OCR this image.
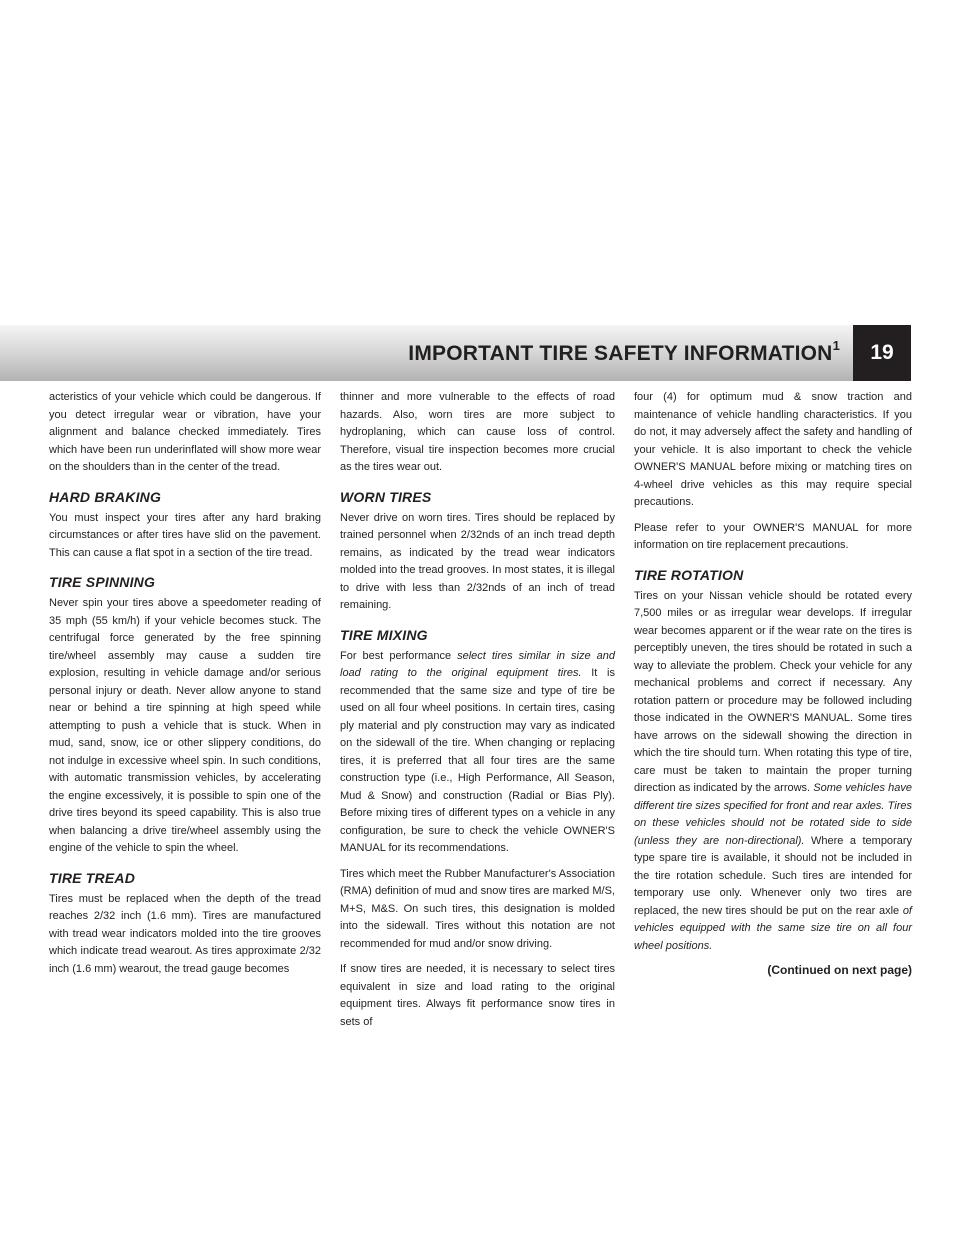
IMPORTANT TIRE SAFETY INFORMATION$^1$	19

acteristics of your vehicle which could be dangerous. If you detect irregular wear or vibration, have your alignment and balance checked immediately. Tires which have been run underinflated will show more wear on the shoulders than in the center of the tread.

HARD BRAKING

You must inspect your tires after any hard braking circumstances or after tires have slid on the pavement. This can cause a flat spot in a section of the tire tread.

TIRE SPINNING

Never spin your tires above a speedometer reading of 35 mph (55 km/h) if your vehicle becomes stuck. The centrifugal force generated by the free spinning tire/wheel assembly may cause a sudden tire explosion, resulting in vehicle damage and/or serious personal injury or death. Never allow anyone to stand near or behind a tire spinning at high speed while attempting to push a vehicle that is stuck. When in mud, sand, snow, ice or other slippery conditions, do not indulge in excessive wheel spin. In such conditions, with automatic transmission vehicles, by accelerating the engine excessively, it is possible to spin one of the drive tires beyond its speed capability. This is also true when balancing a drive tire/wheel assembly using the engine of the vehicle to spin the wheel.

TIRE TREAD

Tires must be replaced when the depth of the tread reaches 2/32 inch (1.6 mm). Tires are manufactured with tread wear indicators molded into the tire grooves which indicate tread wearout. As tires approximate 2/32 inch (1.6 mm) wearout, the tread gauge becomes

thinner and more vulnerable to the effects of road hazards. Also, worn tires are more subject to hydroplaning, which can cause loss of control. Therefore, visual tire inspection becomes more crucial as the tires wear out.

WORN TIRES

Never drive on worn tires. Tires should be replaced by trained personnel when 2/32nds of an inch tread depth remains, as indicated by the tread wear indicators molded into the tread grooves. In most states, it is illegal to drive with less than 2/32nds of an inch of tread remaining.

TIRE MIXING

For best performance select tires similar in size and load rating to the original equipment tires. It is recommended that the same size and type of tire be used on all four wheel positions. In certain tires, casing ply material and ply construction may vary as indicated on the sidewall of the tire. When changing or replacing tires, it is preferred that all four tires are the same construction type (i.e., High Performance, All Season, Mud & Snow) and construction (Radial or Bias Ply). Before mixing tires of different types on a vehicle in any configuration, be sure to check the vehicle OWNER'S MANUAL for its recommendations.

Tires which meet the Rubber Manufacturer's Association (RMA) definition of mud and snow tires are marked M/S, M+S, M&S. On such tires, this designation is molded into the sidewall. Tires without this notation are not recommended for mud and/or snow driving.

If snow tires are needed, it is necessary to select tires equivalent in size and load rating to the original equipment tires. Always fit performance snow tires in sets of

four (4) for optimum mud & snow traction and maintenance of vehicle handling characteristics. If you do not, it may adversely affect the safety and handling of your vehicle. It is also important to check the vehicle OWNER'S MANUAL before mixing or matching tires on 4-wheel drive vehicles as this may require special precautions.

Please refer to your OWNER'S MANUAL for more information on tire replacement precautions.

TIRE ROTATION

Tires on your Nissan vehicle should be rotated every 7,500 miles or as irregular wear develops. If irregular wear becomes apparent or if the wear rate on the tires is perceptibly uneven, the tires should be rotated in such a way to alleviate the problem. Check your vehicle for any mechanical problems and correct if necessary. Any rotation pattern or procedure may be followed including those indicated in the OWNER'S MANUAL. Some tires have arrows on the sidewall showing the direction in which the tire should turn. When rotating this type of tire, care must be taken to maintain the proper turning direction as indicated by the arrows. Some vehicles have different tire sizes specified for front and rear axles. Tires on these vehicles should not be rotated side to side (unless they are non-directional). Where a temporary type spare tire is available, it should not be included in the tire rotation schedule. Such tires are intended for temporary use only. Whenever only two tires are replaced, the new tires should be put on the rear axle of vehicles equipped with the same size tire on all four wheel positions.

(Continued on next page)
